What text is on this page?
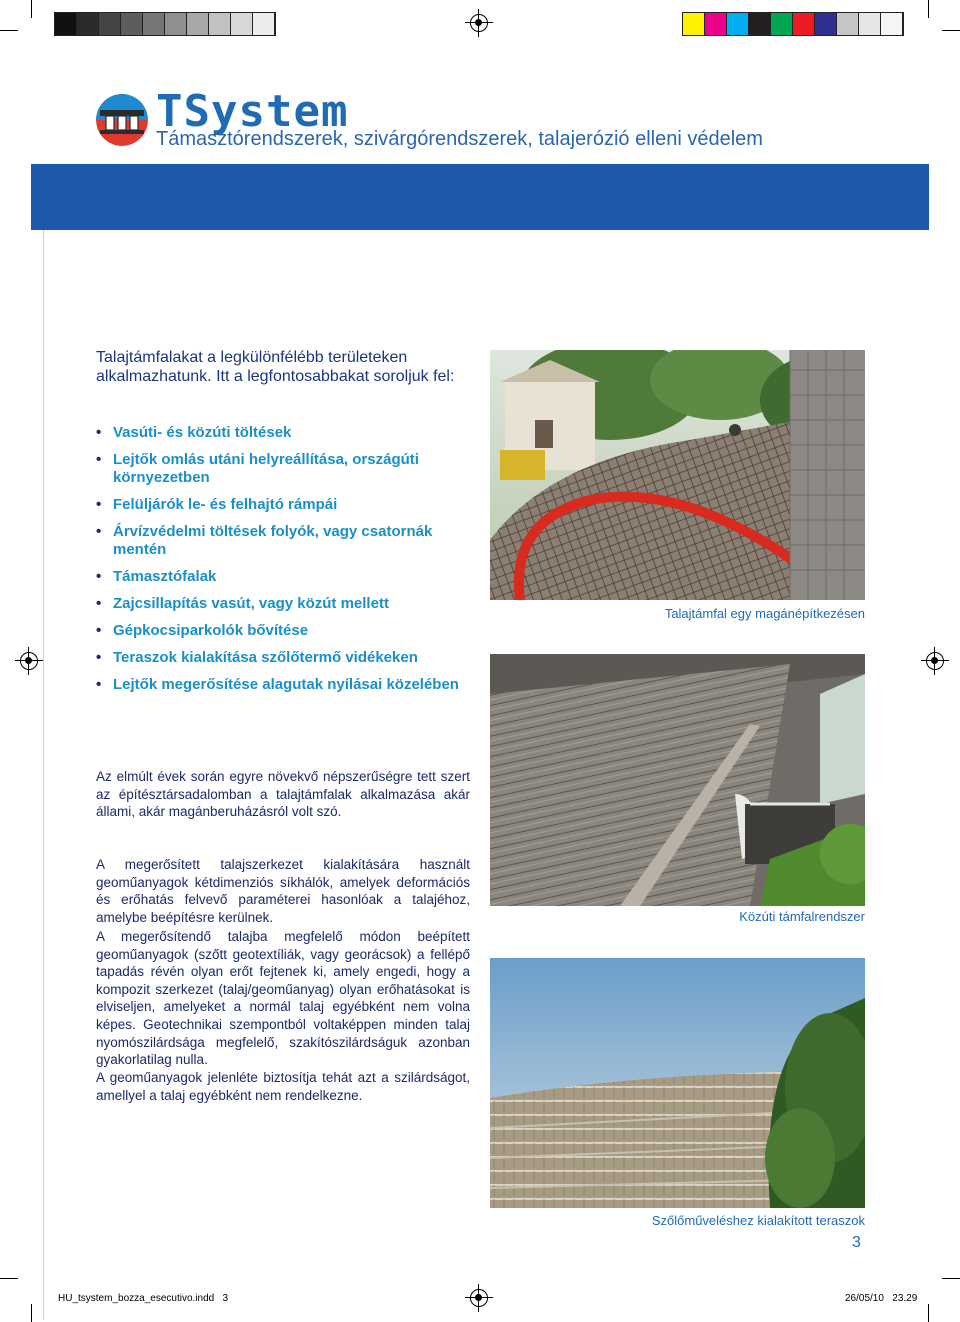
TSystem
Támasztórendszerek, szivárgórendszerek, talajerózió elleni védelem
Talajtámfalakat a legkülönfélébb területeken alkalmazhatunk. Itt a legfontosabbakat soroljuk fel:
• Vasúti- és közúti töltések
• Lejtők omlás utáni helyreállítása, országúti környezetben
• Felüljárók le- és felhajtó rámpái
• Árvízvédelmi töltések folyók, vagy csatornák mentén
• Támasztófalak
• Zajcsillapítás vasút, vagy közút mellett
• Gépkocsiparkolók bővítése
• Teraszok kialakítása szőlőtermő vidékeken
• Lejtők megerősítése alagutak nyílásai közelében

Az elmúlt évek során egyre növekvő népszerűségre tett szert az építésztársadalomban a talajtámfalak alkalmazása akár állami, akár magánberuházásról volt szó.

A megerősített talajszerkezet kialakítására használt geoműanyagok kétdimenziós síkhálók, amelyek deformációs és erőhatás felvevő paraméterei hasonlóak a talajéhoz, amelybe beépítésre kerülnek.

A megerősítendő talajba megfelelő módon beépített geoműanyagok (szőtt geotextíliák, vagy georácsok) a fellépő tapadás révén olyan erőt fejtenek ki, amely engedi, hogy a kompozit szerkezet (talaj/geoműanyag) olyan erőhatásokat is elviseljen, amelyeket a normál talaj egyébként nem volna képes. Geotechnikai szempontból voltaképpen minden talaj nyomószilárdsága megfelelő, szakítószilárdságuk azonban gyakorlatilag nulla.

A geoműanyagok jelenléte biztosítja tehát azt a szilárdságot, amellyel a talaj egyébként nem rendelkezne.

Talajtámfal egy magánépítkezésen
Közúti támfalrendszer
Szőlőműveléshez kialakított teraszok
3
HU_tsystem_bozza_esecutivo.indd   3	26/05/10   23.29
